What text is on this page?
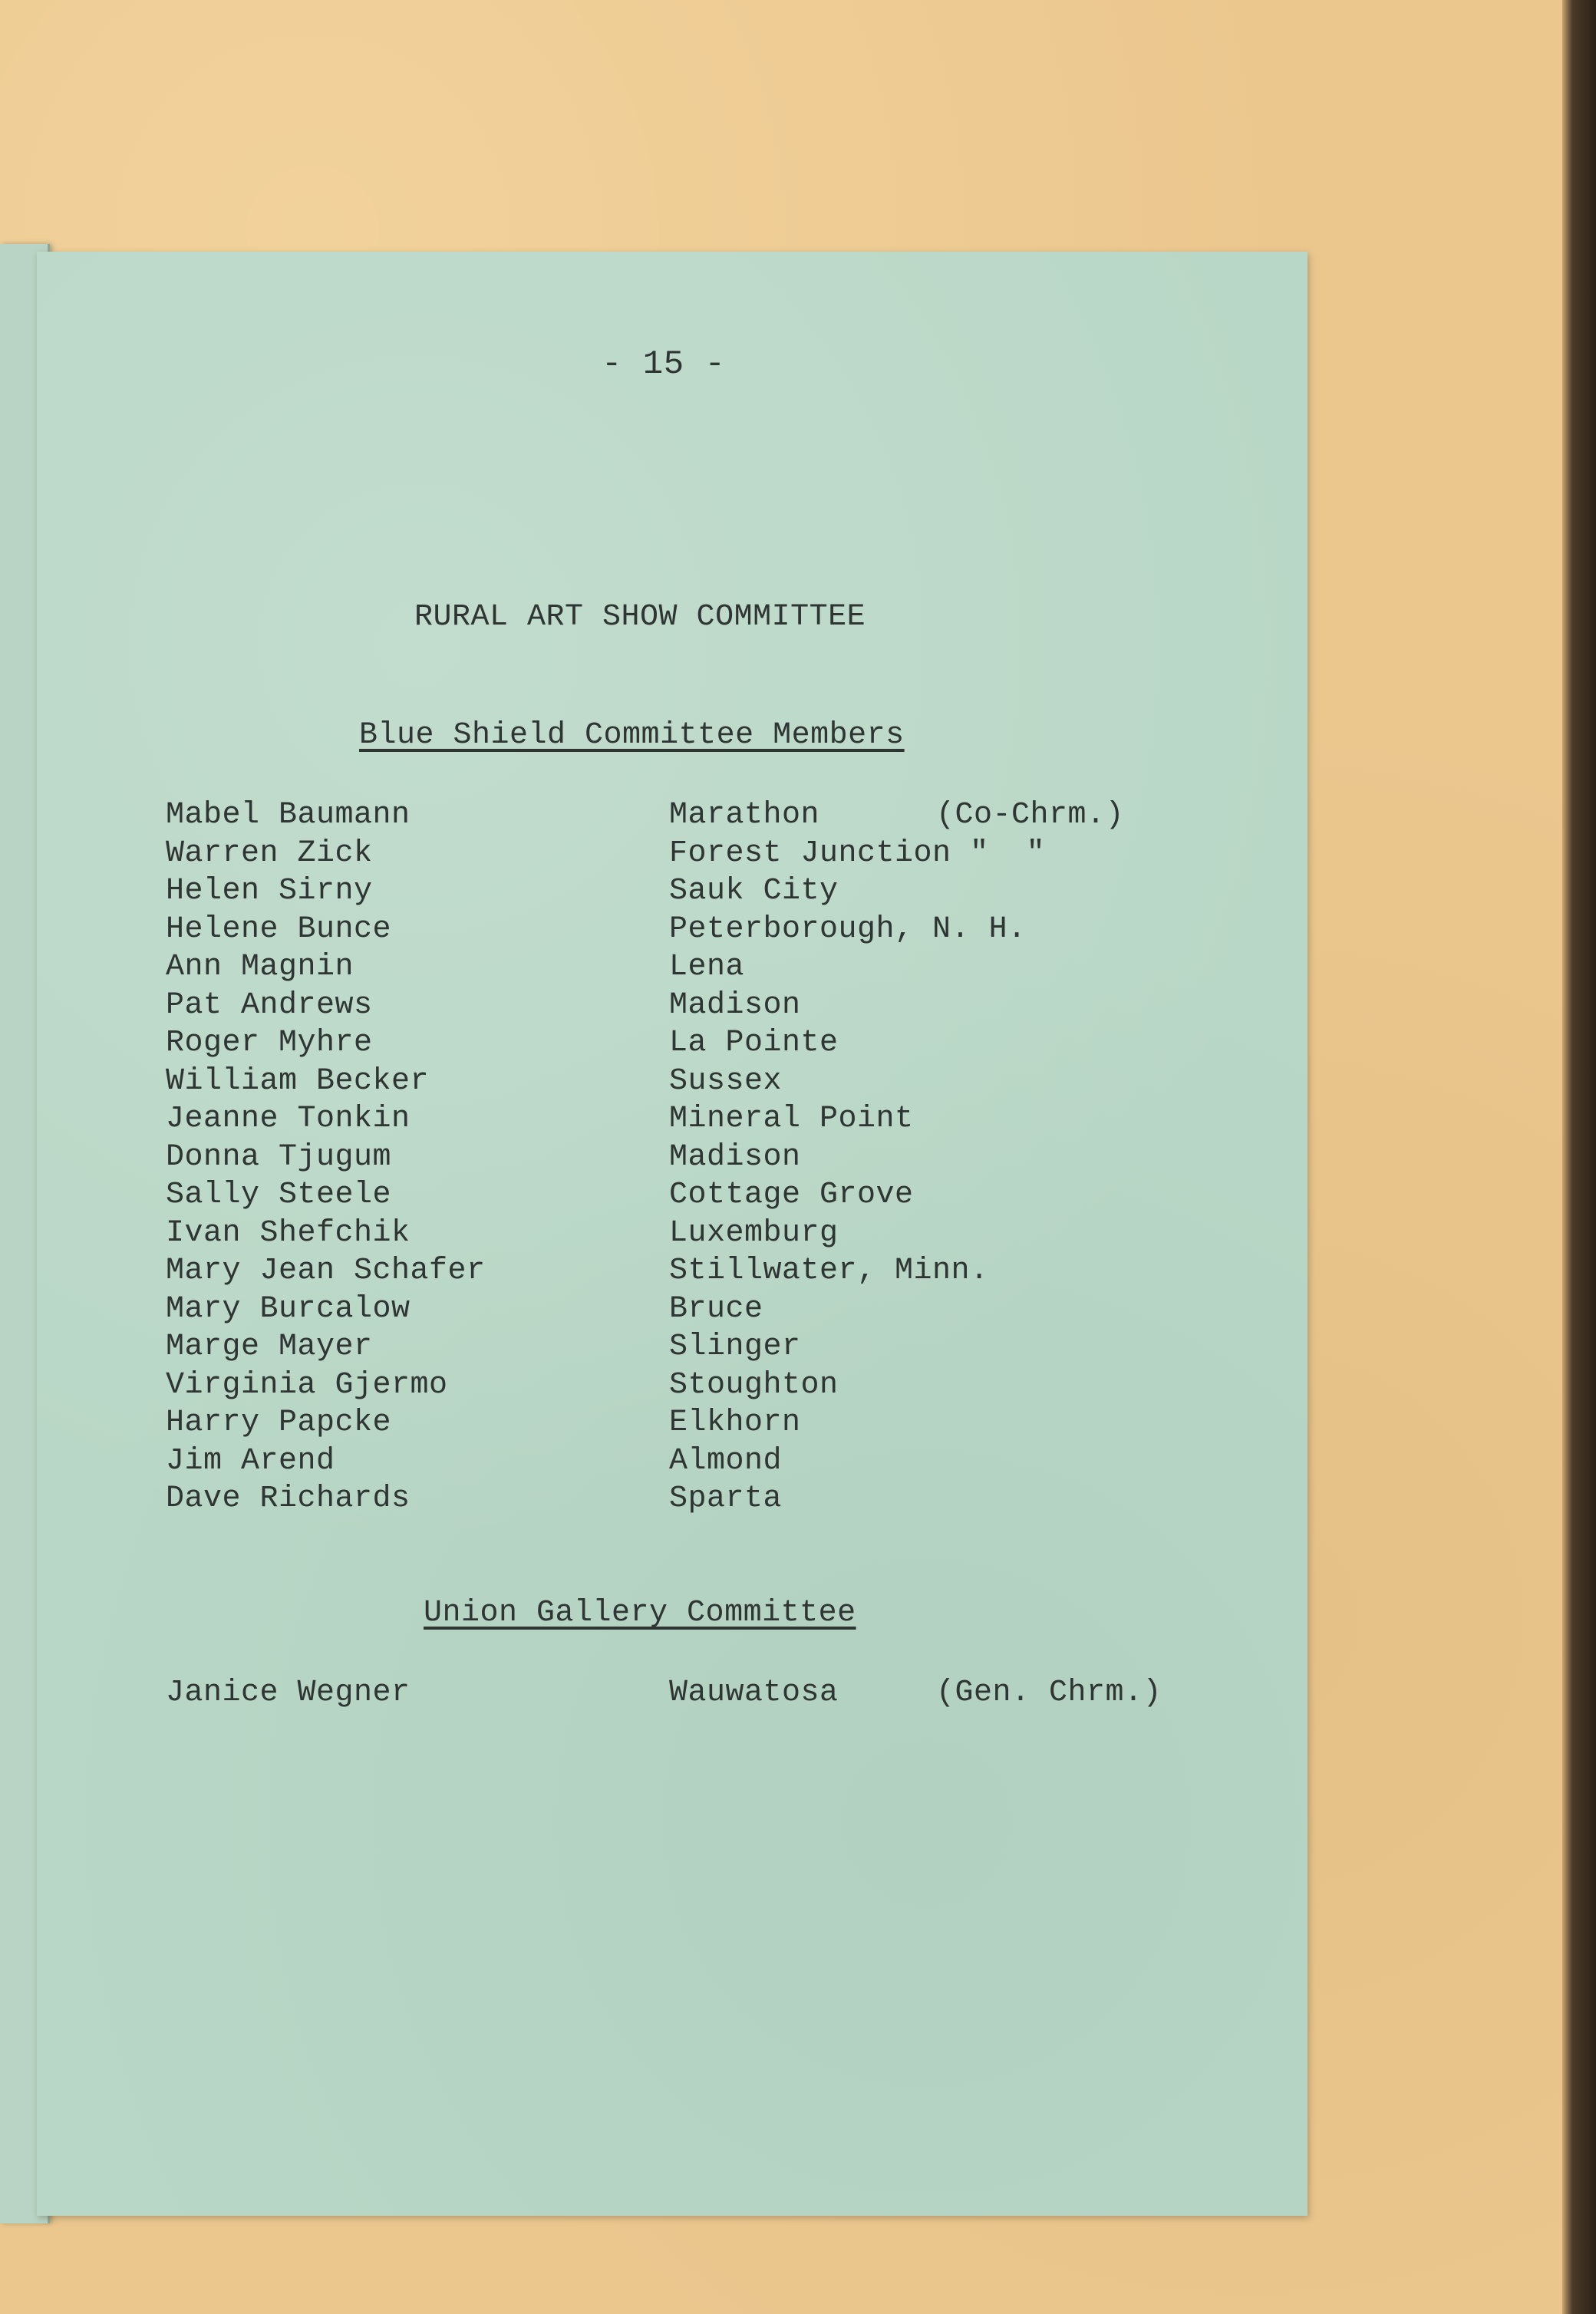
- 15 -
RURAL ART SHOW COMMITTEE
Blue Shield Committee Members
Mabel Baumann	Marathon	(Co-Chrm.)
Warren Zick	Forest Junction "  "
Helen Sirny	Sauk City
Helene Bunce	Peterborough, N. H.
Ann Magnin	Lena
Pat Andrews	Madison
Roger Myhre	La Pointe
William Becker	Sussex
Jeanne Tonkin	Mineral Point
Donna Tjugum	Madison
Sally Steele	Cottage Grove
Ivan Shefchik	Luxemburg
Mary Jean Schafer	Stillwater, Minn.
Mary Burcalow	Bruce
Marge Mayer	Slinger
Virginia Gjermo	Stoughton
Harry Papcke	Elkhorn
Jim Arend	Almond
Dave Richards	Sparta
Union Gallery Committee
Janice Wegner	Wauwatosa	(Gen. Chrm.)
